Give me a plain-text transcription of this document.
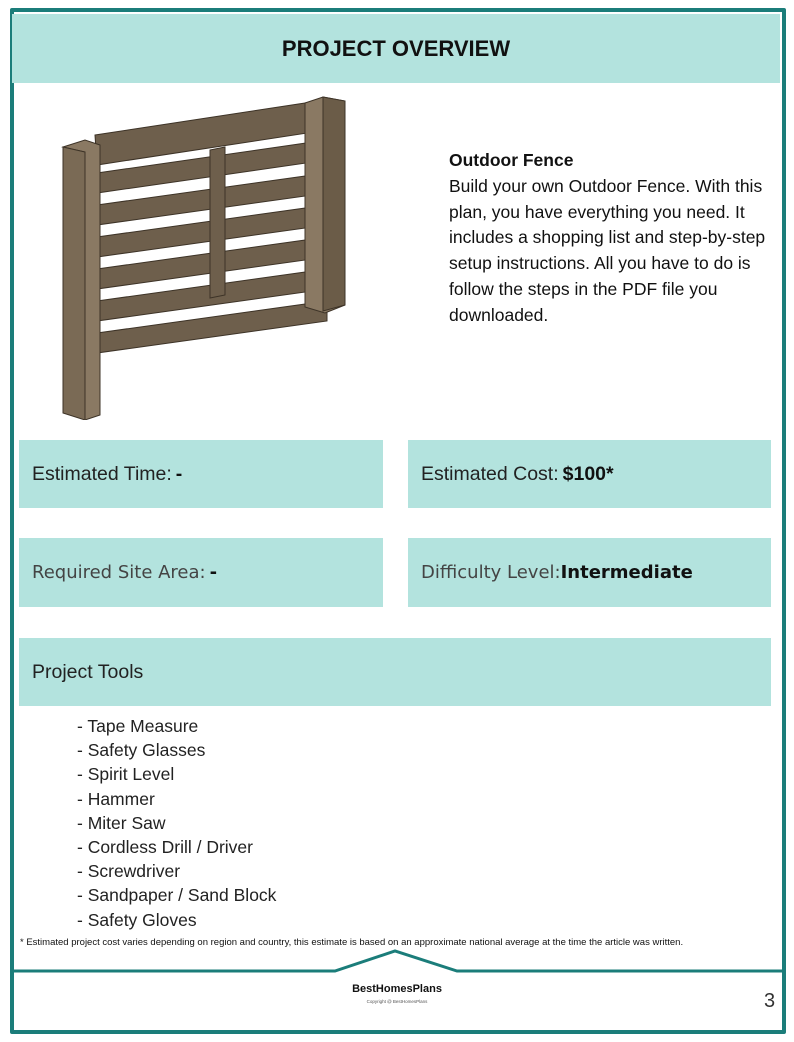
PROJECT OVERVIEW
Outdoor Fence
Build your own Outdoor Fence. With this plan, you have everything you need. It includes a shopping list and step-by-step setup instructions. All you have to do is follow the steps in the PDF file you downloaded.
Estimated Time: -	Estimated Cost: $100*
Required Site Area: -	Difficulty Level: Intermediate
Project Tools
- Tape Measure
- Safety Glasses
- Spirit Level
- Hammer
- Miter Saw
- Cordless Drill / Driver
- Screwdriver
- Sandpaper / Sand Block
- Safety Gloves
* Estimated project cost varies depending on region and country, this estimate is based on an approximate national average at the time the article was written.
BestHomesPlans
Copyright @ BestHomesPlans	3
